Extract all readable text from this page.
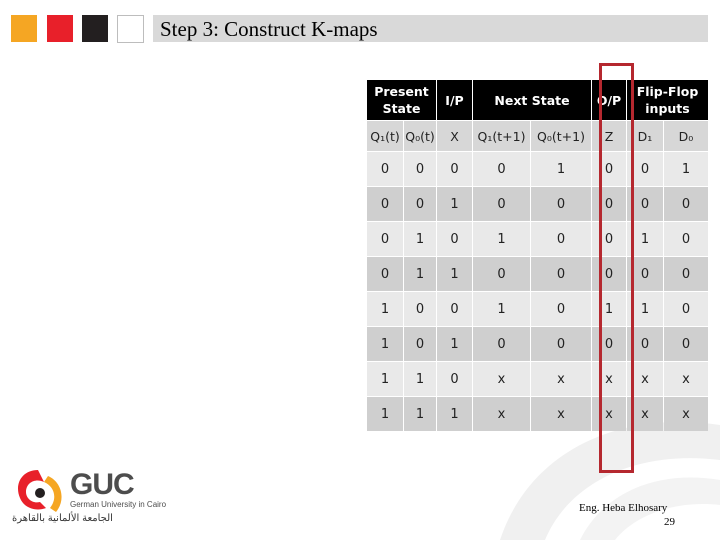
Step 3: Construct K-maps
Present State		I/P	Next State		O/P	Flip-Flop inputs	
Q₁(t)	Q₀(t)	X	Q₁(t+1)	Q₀(t+1)	Z	D₁	D₀
0	0	0	0	1	0	0	1
0	0	1	0	0	0	0	0
0	1	0	1	0	0	1	0
0	1	1	0	0	0	0	0
1	0	0	1	0	1	1	0
1	0	1	0	0	0	0	0
1	1	0	x	x	x	x	x
1	1	1	x	x	x	x	x
GUC
German University in Cairo
الجامعة الألمانية بالقاهرة
Eng. Heba Elhosary
29
